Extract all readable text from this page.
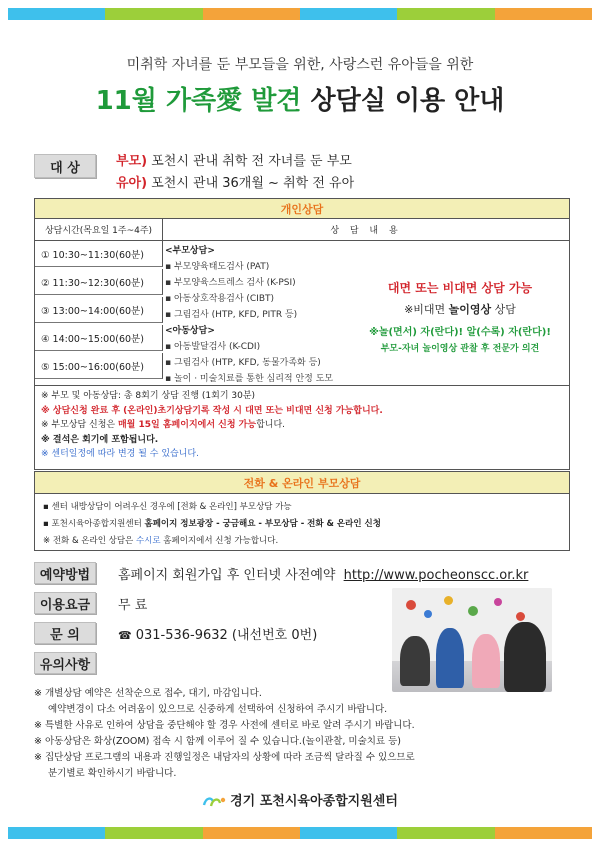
미취학 자녀를 둔 부모들을 위한, 사랑스런 유아들을 위한
11월 가족愛 발견 상담실 이용 안내
대 상	부모) 포천시 관내 취학 전 자녀를 둔 부모
유아) 포천시 관내 36개월 ~ 취학 전 유아
개인상담
상담시간(목요일 1주~4주)	상 담 내 용
① 10:30~11:30(60분)
② 11:30~12:30(60분)
③ 13:00~14:00(60분)
④ 14:00~15:00(60분)
⑤ 15:00~16:00(60분)
<부모상담>
▪ 부모양육태도검사 (PAT)
▪ 부모양육스트레스 검사 (K-PSI)
▪ 아동상호작용검사 (CIBT)
▪ 그림검사 (HTP, KFD, PITR 등)
<아동상담>
▪ 아동발달검사 (K-CDI)
▪ 그림검사 (HTP, KFD, 동물가족화 등)
▪ 놀이 · 미술치료를 통한 심리적 안정 도모
대면 또는 비대면 상담 가능
※비대면 놀이영상 상담
※놀(면서) 자(란다)! 알(수록) 자(란다)!
부모-자녀 놀이영상 관찰 후 전문가 의견

※ 부모 및 아동상담: 총 8회기 상담 진행 (1회기 30분)

※ 상담신청 완료 후 (온라인)초기상담기록 작성 시 대면 또는 비대면 신청 가능합니다.

※ 부모상담 신청은 매월 15일 홈페이지에서 신청 가능합니다.

※ 결석은 회기에 포함됩니다.

※ 센터일정에 따라 변경 될 수 있습니다.

전화 & 온라인 부모상담

▪ 센터 내방상담이 어려우신 경우에 [전화 & 온라인] 부모상담 가능

▪ 포천시육아종합지원센터 홈페이지 정보광장 - 궁금해요 - 부모상담 - 전화 & 온라인 신청

※ 전화 & 온라인 상담은 수시로 홈페이지에서 신청 가능합니다.

예약방법	홈페이지 회원가입 후 인터넷 사전예약 http://www.pocheonscc.or.kr
이용요금	무 료
문 의	☎ 031-536-9632 (내선번호 0번)
유의사항

※ 개별상담 예약은 선착순으로 접수, 대기, 마감입니다.

예약변경이 다소 어려움이 있으므로 신중하게 선택하여 신청하여 주시기 바랍니다.

※ 특별한 사유로 인하여 상담을 중단해야 할 경우 사전에 센터로 바로 알려 주시기 바랍니다.

※ 아동상담은 화상(ZOOM) 접속 시 함께 이루어 질 수 있습니다.(놀이관찰, 미술치료 등)

※ 집단상담 프로그램의 내용과 진행일정은 내담자의 상황에 따라 조금씩 달라질 수 있으므로

분기별로 확인하시기 바랍니다.

경기 포천시육아종합지원센터
